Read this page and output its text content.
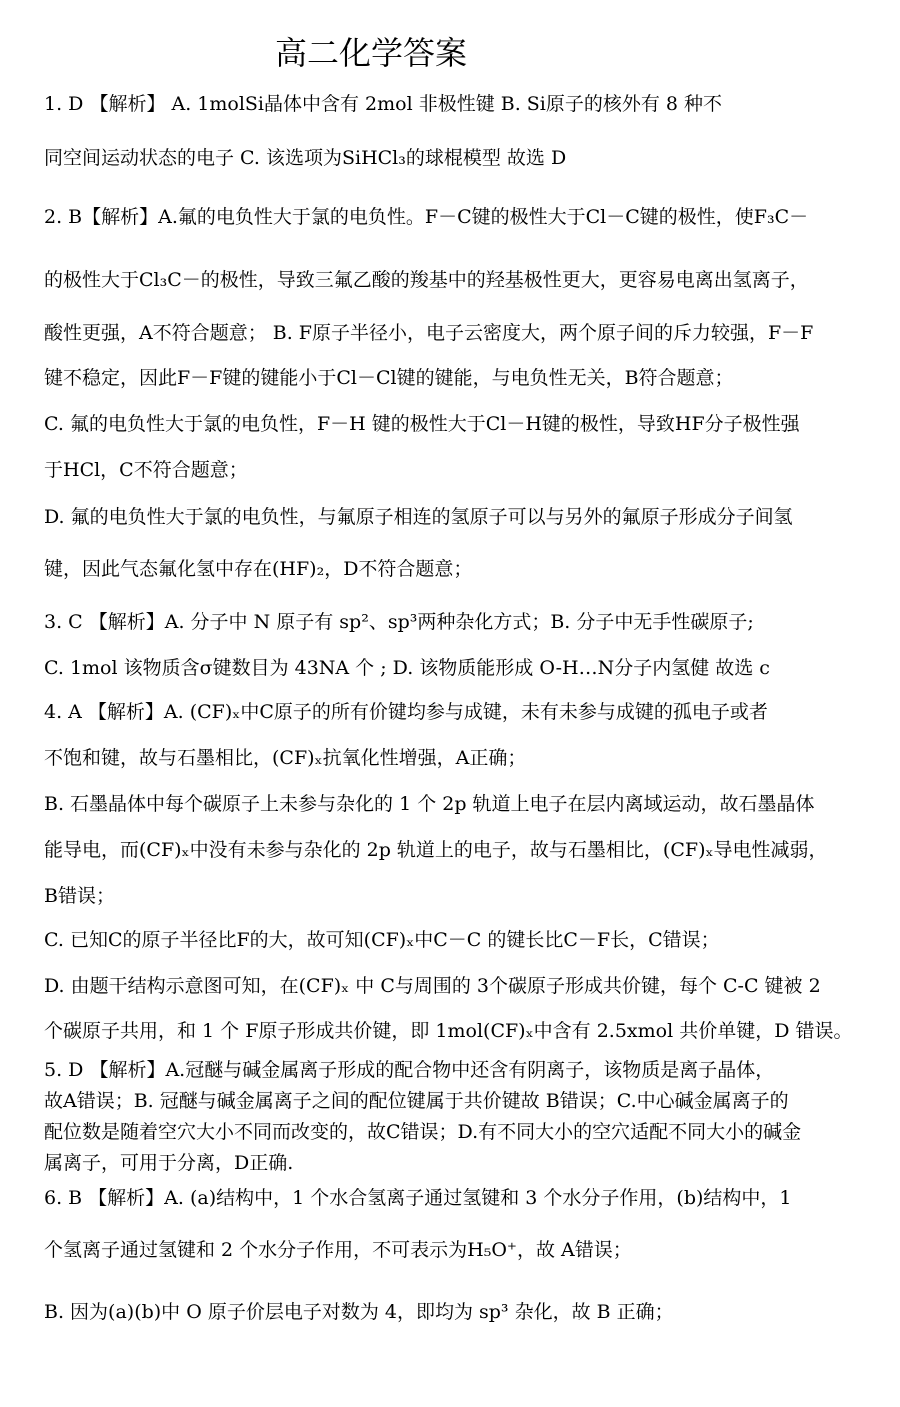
高二化学答案
1. D 【解析】 A. 1molSi晶体中含有 2mol 非极性键 B. Si原子的核外有 8 种不
同空间运动状态的电子 C. 该选项为SiHCl₃的球棍模型 故选 D
2. B【解析】A.氟的电负性大于氯的电负性。F－C键的极性大于Cl－C键的极性，使F₃C－
的极性大于Cl₃C－的极性，导致三氟乙酸的羧基中的羟基极性更大，更容易电离出氢离子，
酸性更强，A不符合题意； B. F原子半径小，电子云密度大，两个原子间的斥力较强，F－F
键不稳定，因此F－F键的键能小于Cl－Cl键的键能，与电负性无关，B符合题意；
C. 氟的电负性大于氯的电负性，F－H 键的极性大于Cl－H键的极性，导致HF分子极性强
于HCl，C不符合题意；
D. 氟的电负性大于氯的电负性，与氟原子相连的氢原子可以与另外的氟原子形成分子间氢
键，因此气态氟化氢中存在(HF)₂，D不符合题意；
3. C 【解析】A. 分子中 N 原子有 sp²、sp³两种杂化方式；B. 分子中无手性碳原子;
C. 1mol 该物质含σ键数目为 43NA 个 ; D. 该物质能形成 O-H…N分子内氢健 故选 c
4. A 【解析】A. (CF)ₓ中C原子的所有价键均参与成键，未有未参与成键的孤电子或者
不饱和键，故与石墨相比，(CF)ₓ抗氧化性增强，A正确；
B. 石墨晶体中每个碳原子上未参与杂化的 1 个 2p 轨道上电子在层内离域运动，故石墨晶体
能导电，而(CF)ₓ中没有未参与杂化的 2p 轨道上的电子，故与石墨相比，(CF)ₓ导电性减弱，
B错误；
C. 已知C的原子半径比F的大，故可知(CF)ₓ中C－C 的键长比C－F长，C错误；
D. 由题干结构示意图可知，在(CF)ₓ 中 C与周围的 3个碳原子形成共价键，每个 C-C 键被 2
个碳原子共用，和 1 个 F原子形成共价键，即 1mol(CF)ₓ中含有 2.5xmol 共价单键，D 错误。
5. D 【解析】A.冠醚与碱金属离子形成的配合物中还含有阴离子，该物质是离子晶体，
故A错误；B. 冠醚与碱金属离子之间的配位键属于共价键故 B错误；C.中心碱金属离子的
配位数是随着空穴大小不同而改变的，故C错误；D.有不同大小的空穴适配不同大小的碱金
属离子，可用于分离，D正确.
6. B 【解析】A. (a)结构中，1 个水合氢离子通过氢键和 3 个水分子作用，(b)结构中，1
个氢离子通过氢键和 2 个水分子作用，不可表示为H₅O⁺，故 A错误；
B. 因为(a)(b)中 O 原子价层电子对数为 4，即均为 sp³ 杂化，故 B 正确；
